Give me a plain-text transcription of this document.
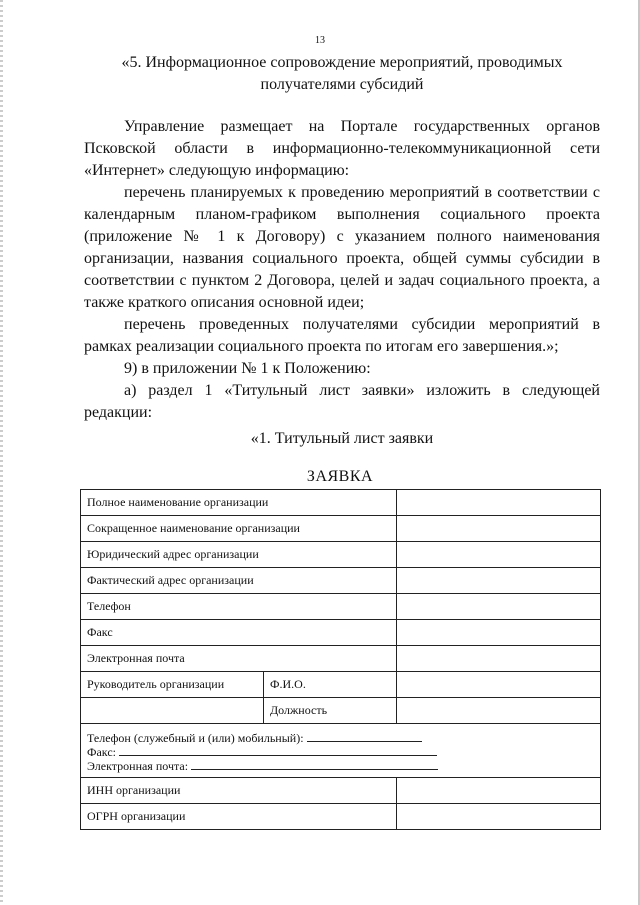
13
«5. Информационное сопровождение мероприятий, проводимых получателями субсидий

Управление размещает на Портале государственных органов Псковской области в информационно-телекоммуникационной сети «Интернет» следующую информацию:

перечень планируемых к проведению мероприятий в соответствии с календарным планом-графиком выполнения социального проекта (приложение № 1 к Договору) с указанием полного наименования организации, названия социального проекта, общей суммы субсидии в соответствии с пунктом 2 Договора, целей и задач социального проекта, а также краткого описания основной идеи;

перечень проведенных получателями субсидии мероприятий в рамках реализации социального проекта по итогам его завершения.»;

9) в приложении № 1 к Положению:

а) раздел 1 «Титульный лист заявки» изложить в следующей редакции:

«1. Титульный лист заявки
ЗАЯВКА
Полное наименование организации		
Сокращенное наименование организации		
Юридический адрес организации		
Фактический адрес организации		
Телефон		
Факс		
Электронная почта		
Руководитель организации	Ф.И.О.	
	Должность	

Телефон (служебный и (или) мобильный):
Факс:
Электронная почта:		

ИНН организации		
ОГРН организации		
